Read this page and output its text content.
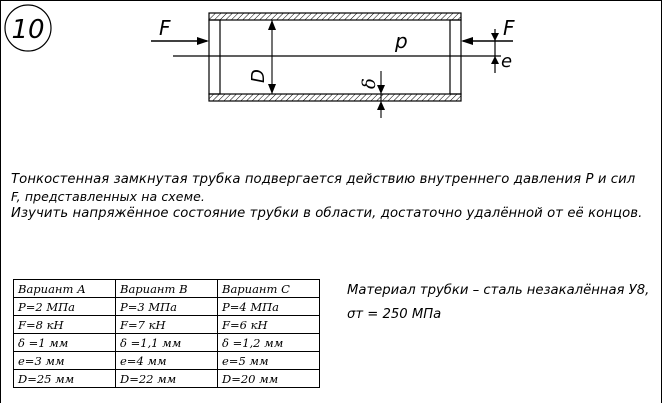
10	F	F
e
p
D
δ
Тонкостенная замкнутая трубка подвергается действию внутреннего давления P и сил
F, представленных на схеме.
Изучить напряжённое состояние трубки в области, достаточно удалённой от её концов.
Вариант А	Вариант В	Вариант С
P=2 МПа	P=3 МПа	P=4 МПа
F=8 кН	F=7 кН	F=6 кН
δ =1 мм	δ =1,1 мм	δ =1,2 мм
e=3 мм	e=4 мм	e=5 мм
D=25 мм	D=22 мм	D=20 мм
Материал трубки – сталь незакалённая У8,
σт = 250 МПа
